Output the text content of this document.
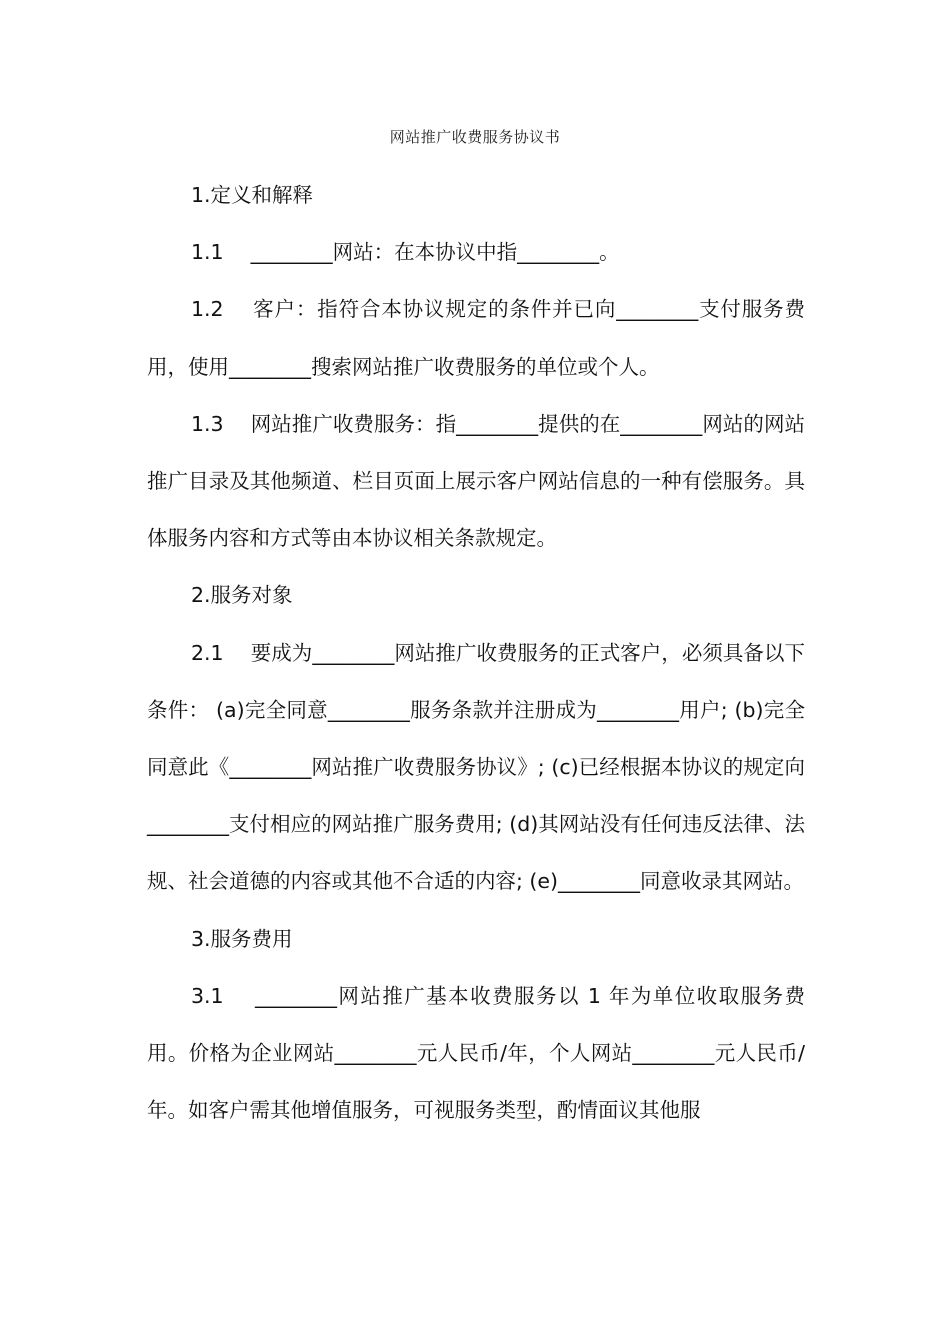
网站推广收费服务协议书

1.定义和解释

1.1　 ________网站：在本协议中指________。

1.2　 客户：指符合本协议规定的条件并已向________支付服务费用，使用________搜索网站推广收费服务的单位或个人。

1.3　 网站推广收费服务：指________提供的在________网站的网站推广目录及其他频道、栏目页面上展示客户网站信息的一种有偿服务。具体服务内容和方式等由本协议相关条款规定。

2.服务对象

2.1　 要成为________网站推广收费服务的正式客户，必须具备以下条件： (a)完全同意________服务条款并注册成为________用户; (b)完全同意此《________网站推广收费服务协议》; (c)已经根据本协议的规定向________支付相应的网站推广服务费用; (d)其网站没有任何违反法律、法规、社会道德的内容或其他不合适的内容; (e)________同意收录其网站。

3.服务费用

3.1　 ________网站推广基本收费服务以 1 年为单位收取服务费用。价格为企业网站________元人民币/年，个人网站________元人民币/年。如客户需其他增值服务，可视服务类型，酌情面议其他服
